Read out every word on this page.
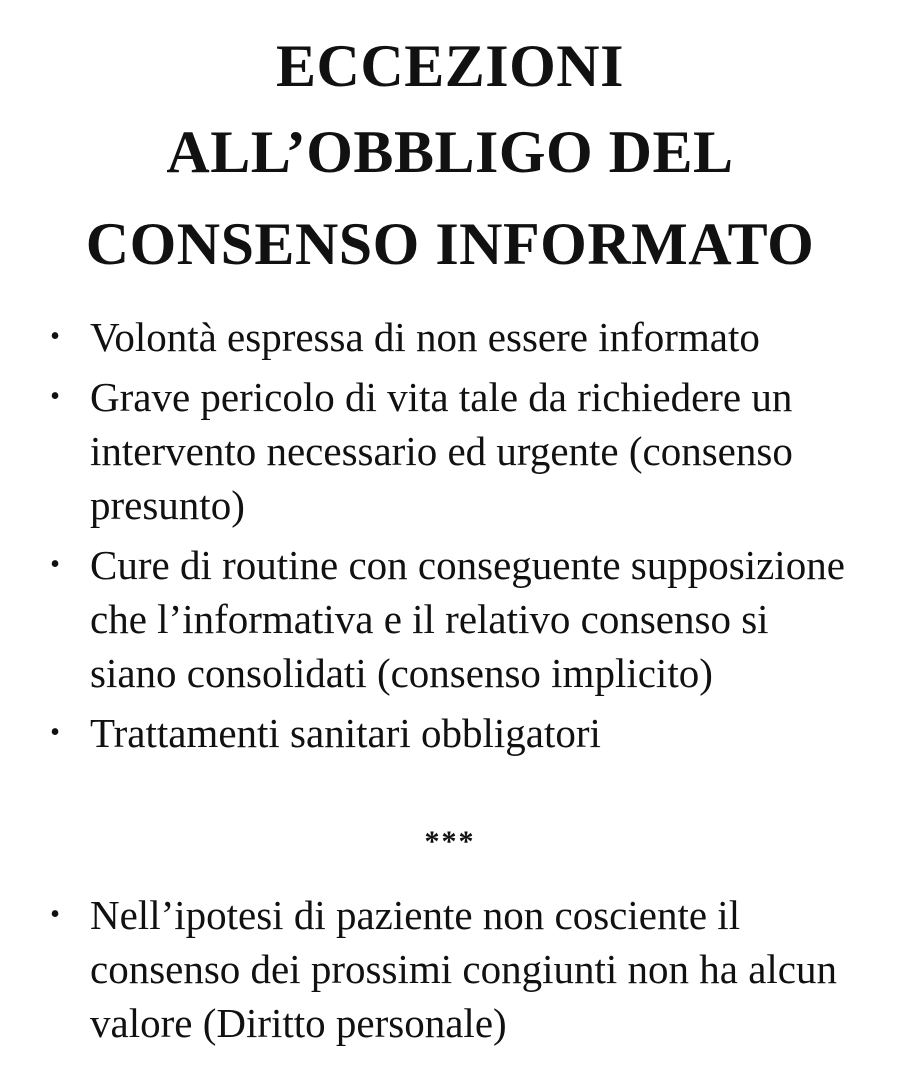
ECCEZIONI
ALL’OBBLIGO DEL
CONSENSO INFORMATO
• Volontà espressa di non essere informato
• Grave pericolo di vita tale da richiedere un intervento necessario ed urgente (consenso presunto)
• Cure di routine con conseguente supposizione che l’informativa e il relativo consenso si siano consolidati (consenso implicito)
• Trattamenti sanitari obbligatori
***
• Nell’ipotesi di paziente non cosciente il consenso dei prossimi congiunti non ha alcun valore (Diritto personale)
